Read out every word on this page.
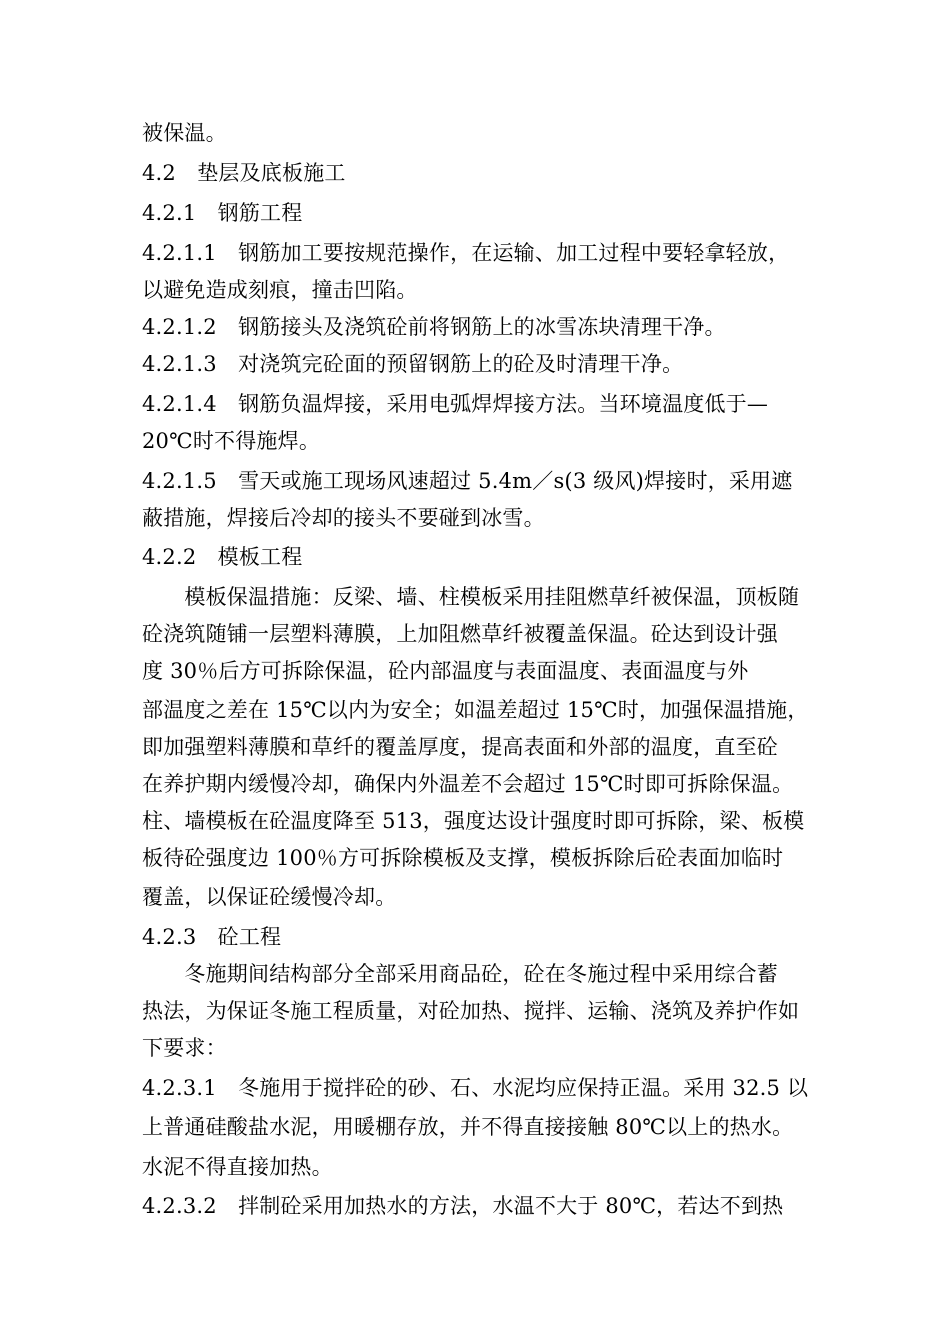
被保温。
4.2　垫层及底板施工
4.2.1　钢筋工程
4.2.1.1　钢筋加工要按规范操作，在运输、加工过程中要轻拿轻放，
以避免造成刻痕，撞击凹陷。
4.2.1.2　钢筋接头及浇筑砼前将钢筋上的冰雪冻块清理干净。
4.2.1.3　对浇筑完砼面的预留钢筋上的砼及时清理干净。
4.2.1.4　钢筋负温焊接，采用电弧焊焊接方法。当环境温度低于—
20℃时不得施焊。
4.2.1.5　雪天或施工现场风速超过 5.4m／s(3 级风)焊接时，采用遮
蔽措施，焊接后冷却的接头不要碰到冰雪。
4.2.2　模板工程
　　模板保温措施：反梁、墙、柱模板采用挂阻燃草纤被保温，顶板随
砼浇筑随铺一层塑料薄膜，上加阻燃草纤被覆盖保温。砼达到设计强
度 30％后方可拆除保温，砼内部温度与表面温度、表面温度与外
部温度之差在 15℃以内为安全；如温差超过 15℃时，加强保温措施，
即加强塑料薄膜和草纤的覆盖厚度，提高表面和外部的温度，直至砼
在养护期内缓慢冷却，确保内外温差不会超过 15℃时即可拆除保温。
柱、墙模板在砼温度降至 513，强度达设计强度时即可拆除，梁、板模
板待砼强度边 100％方可拆除模板及支撑，模板拆除后砼表面加临时
覆盖，以保证砼缓慢冷却。
4.2.3　砼工程
　　冬施期间结构部分全部采用商品砼，砼在冬施过程中采用综合蓄
热法，为保证冬施工程质量，对砼加热、搅拌、运输、浇筑及养护作如
下要求：
4.2.3.1　冬施用于搅拌砼的砂、石、水泥均应保持正温。采用 32.5 以
上普通硅酸盐水泥，用暖棚存放，并不得直接接触 80℃以上的热水。
水泥不得直接加热。
4.2.3.2　拌制砼采用加热水的方法，水温不大于 80℃，若达不到热
